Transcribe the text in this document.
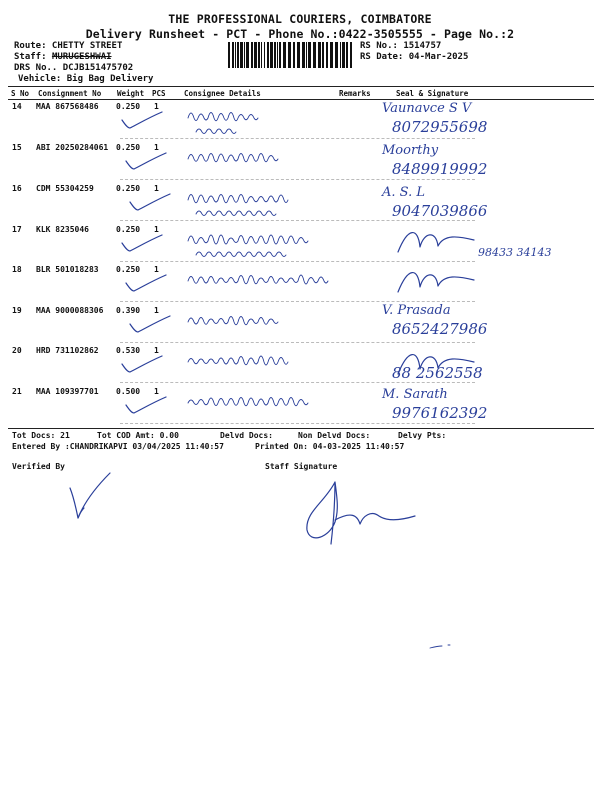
THE PROFESSIONAL COURIERS, COIMBATORE
Delivery Runsheet - PCT - Phone No.:0422-3505555 - Page No.:2
Route: CHETTY STREET
Staff: MURUGESHWAI
DRS No.. DCJB151475702
Vehicle: Big Bag Delivery
RS No.: 1514757
RS Date: 04-Mar-2025
S No Consignment No Weight PCS Consignee Details	Remarks	Seal & Signature
14 MAA 867568486 0.250 1	Vaunavce S V
8072955698
15 ABI 20250284061 0.250 1	Moorthy
8489919992
16 CDM 55304259	0.250 1	A. S. L
9047039866
17 KLK 8235046	0.250 1
98433 34143
18 BLR 501018283 0.250 1
19 MAA 9000088306 0.390 1	V. Prasada
8652427986
20 HRD 731102862 0.530 1
88 2562558
21 MAA 109397701 0.500 1	M. Sarath
9976162392
Tot Docs: 21	Tot COD Amt: 0.00	Delvd Docs:	Non Delvd Docs:	Delvy Pts:
Entered By :CHANDRIKAPVI 03/04/2025 11:40:57	Printed On: 04-03-2025 11:40:57
Verified By	Staff Signature
